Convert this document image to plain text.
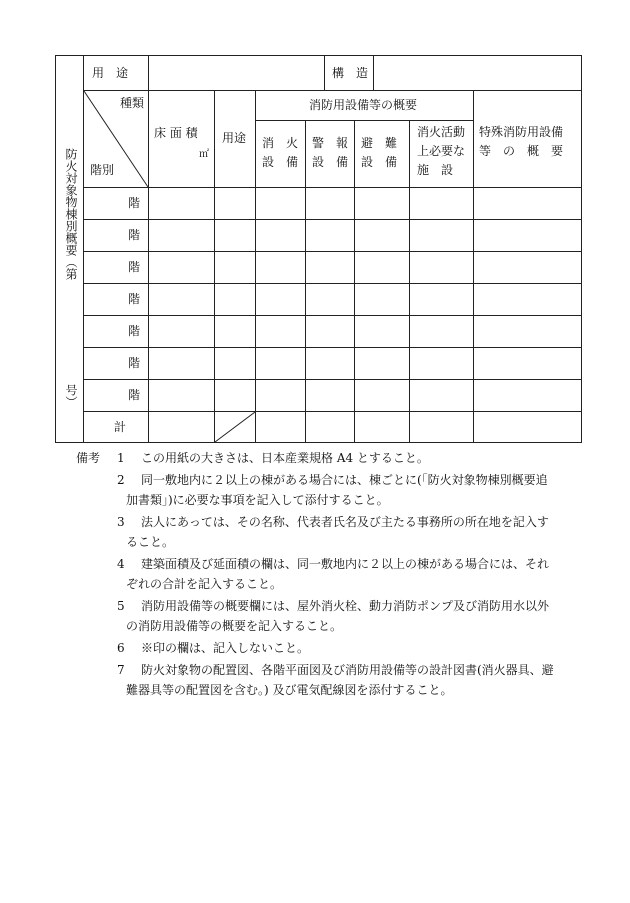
防火対象物棟別概要（第
号）
用　途	構　造
種類
階別
床 面 積
㎡
用途
消防用設備等の概要
消　火
設　備
警　報
設　備
避　難
設　備
消火活動
上必要な
施　設
特殊消防用設備
等　の　概　要
階
階
階
階
階
階
階
計
備考 1 この用紙の大きさは、日本産業規格 A4 とすること。
2 同一敷地内に２以上の棟がある場合には、棟ごとに(「防火対象物棟別概要追
加書類」)に必要な事項を記入して添付すること。
3 法人にあっては、その名称、代表者氏名及び主たる事務所の所在地を記入す
ること。
4 建築面積及び延面積の欄は、同一敷地内に２以上の棟がある場合には、それ
ぞれの合計を記入すること。
5 消防用設備等の概要欄には、屋外消火栓、動力消防ポンプ及び消防用水以外
の消防用設備等の概要を記入すること。
6 ※印の欄は、記入しないこと。
7 防火対象物の配置図、各階平面図及び消防用設備等の設計図書(消火器具、避
難器具等の配置図を含む。) 及び電気配線図を添付すること。
